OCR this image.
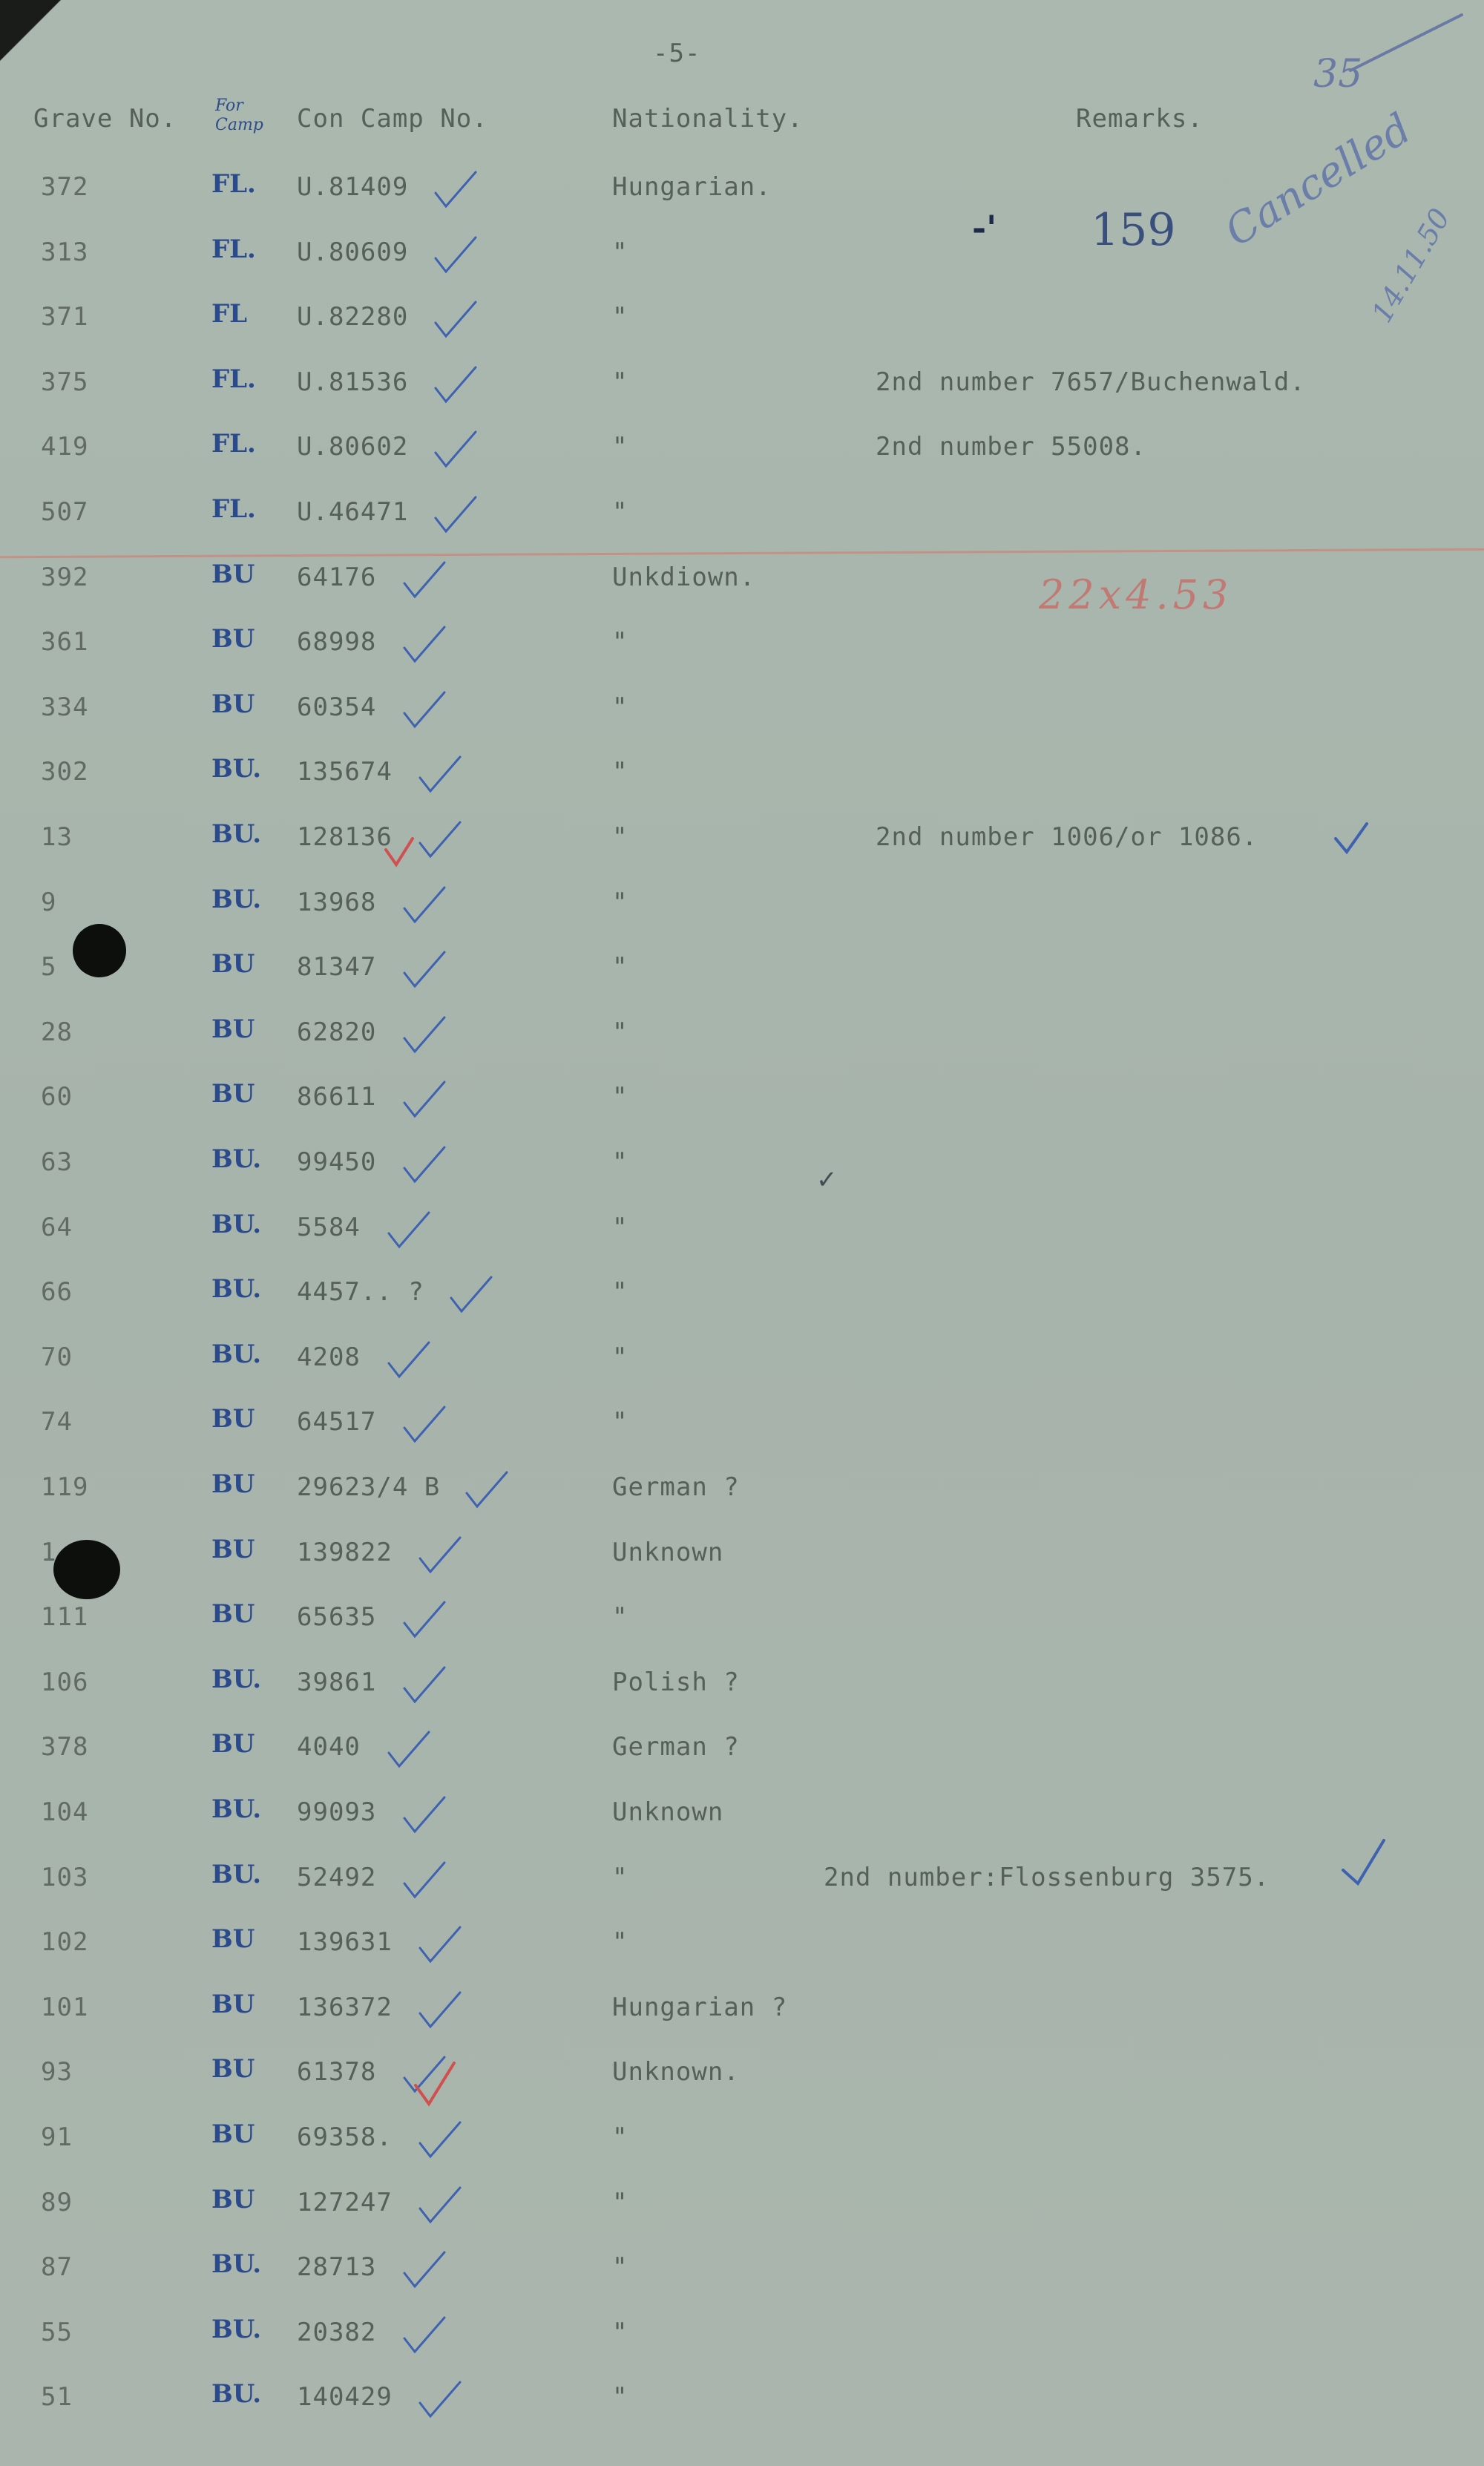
-5-	35
Grave No. For Camp	Con Camp No.	Nationality.	Remarks.
-' 159 Cancelled
14.11.50
22x4.53
✓
372	FL. U.81409	Hungarian.
313	FL. U.80609	"
371	FL U.82280	"
375	FL. U.81536	"	2nd number 7657/Buchenwald.
419	FL. U.80602	"	2nd number 55008.
507	FL. U.46471	"
392	BU 64176	Unkdiown.
361	BU 68998	"
334	BU 60354	"
302	BU. 135674	"
13	BU. 128136	"	2nd number 1006/or 1086.
9	BU. 13968	"
5	BU 81347	"
28	BU 62820	"
60	BU 86611	"
63	BU. 99450	"
64	BU. 5584	"
66	BU. 4457.. ?	"
70	BU. 4208	"
74	BU 64517	"
119	BU 29623/4 B	German ?
1	BU 139822	Unknown
111	BU 65635	"
106	BU. 39861	Polish ?
378	BU 4040	German ?
104	BU. 99093	Unknown
103	BU. 52492	"	2nd number:Flossenburg 3575.
102	BU 139631	"
101	BU 136372	Hungarian ?
93	BU 61378	Unknown.
91	BU 69358.	"
89	BU 127247	"
87	BU. 28713	"
55	BU. 20382	"
51	BU. 140429	"
